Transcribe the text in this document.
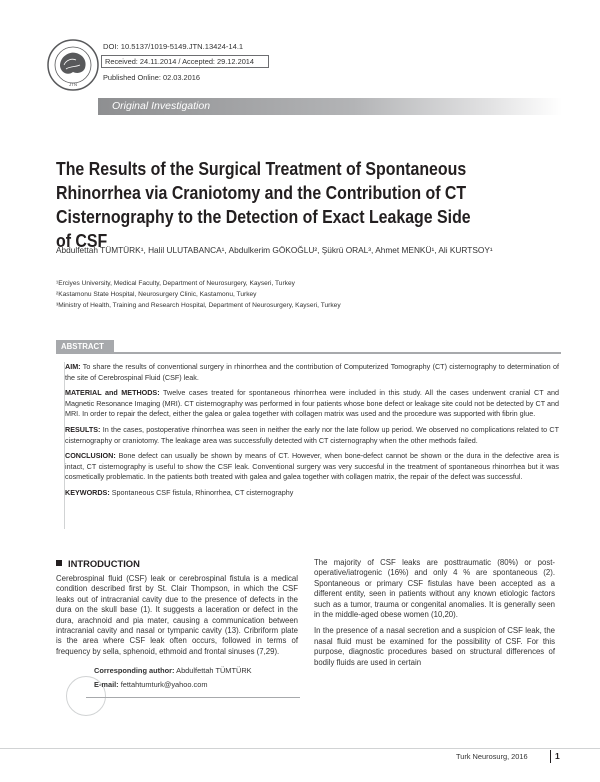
JTN
DOI: 10.5137/1019-5149.JTN.13424-14.1
Received: 24.11.2014 / Accepted: 29.12.2014
Published Online: 02.03.2016
Original Investigation
The Results of the Surgical Treatment of Spontaneous Rhinorrhea via Craniotomy and the Contribution of CT Cisternography to the Detection of Exact Leakage Side of CSF
Abdulfettah TÜMTÜRK¹, Halil ULUTABANCA¹, Abdulkerim GÖKOĞLU², Şükrü ORAL³, Ahmet MENKÜ¹, Ali KURTSOY¹
¹Erciyes University, Medical Faculty, Department of Neurosurgery, Kayseri, Turkey
²Kastamonu State Hospital, Neurosurgery Clinic, Kastamonu, Turkey
³Ministry of Health, Training and Research Hospital, Department of Neurosurgery, Kayseri, Turkey
ABSTRACT

AIM: To share the results of conventional surgery in rhinorrhea and the contribution of Computerized Tomography (CT) cisternography to determination of the site of Cerebrospinal Fluid (CSF) leak.

MATERIAL and METHODS: Twelve cases treated for spontaneous rhinorrhea were included in this study. All the cases underwent cranial CT and Magnetic Resonance Imaging (MRI). CT cisternography was performed in four patients whose bone defect or leakage site could not be detected by CT and MRI. In order to repair the defect, either the galea or galea together with collagen matrix was used and the procedure was supported with fibrin glue.

RESULTS: In the cases, postoperative rhinorrhea was seen in neither the early nor the late follow up period. We observed no complications related to CT cisternography or craniotomy. The leakage area was successfully detected with CT cisternography when the other methods failed.

CONCLUSION: Bone defect can usually be shown by means of CT. However, when bone-defect cannot be shown or the dura in the defective area is intact, CT cisternography is useful to show the CSF leak. Conventional surgery was very succesful in the treatment of spontaneous rhinorrhea but it was cosmetically problematic. In the patients both treated with galea and galea together with collagen matrix, the repair of the defect was successful.

KEYWORDS: Spontaneous CSF fistula, Rhinorrhea, CT cisternography

INTRODUCTION
Cerebrospinal fluid (CSF) leak or cerebrospinal fistula is a medical condition described first by St. Clair Thompson, in which the CSF leaks out of intracranial cavity due to the presence of defects in the dura on the skull base (1). It suggests a laceration or defect in the dura, arachnoid and pia mater, causing a communication between intracranial cavity and nasal or tympanic cavity (13). Cribriform plate is the area where CSF leak often occurs, followed in terms of frequency by sella, sphenoid, ethmoid and frontal sinuses (7,29).

The majority of CSF leaks are posttraumatic (80%) or post-operative/iatrogenic (16%) and only 4 % are spontaneous (2). Spontaneous or primary CSF fistulas have been accepted as a different entity, seen in patients without any known etiologic factors such as a tumor, trauma or congenital anomalies. It is generally seen in the middle-aged obese women (10,20).

In the presence of a nasal secretion and a suspicion of CSF leak, the nasal fluid must be examined for the possibility of CSF. For this purpose, diagnostic procedures based on structural differences of bodily fluids are used in certain

Corresponding author: Abdulfettah TÜMTÜRK
E-mail: fettahtumturk@yahoo.com
Turk Neurosurg, 2016	1
